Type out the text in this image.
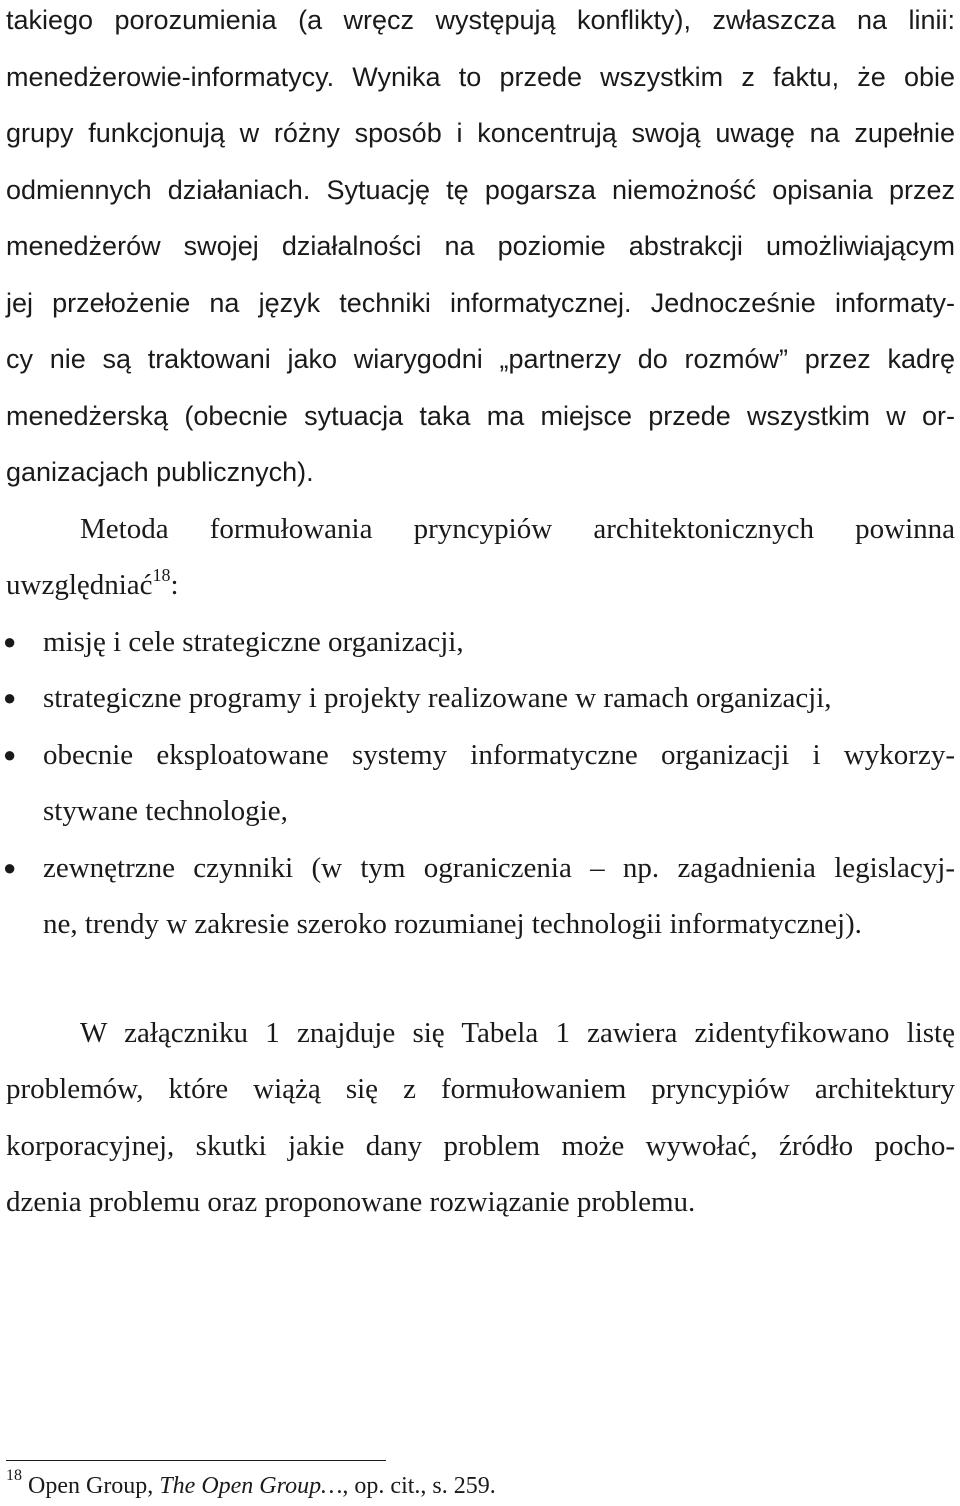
takiego porozumienia (a wręcz występują konflikty), zwłaszcza na linii:
menedżerowie-informatycy. Wynika to przede wszystkim z faktu, że obie
grupy funkcjonują w różny sposób i koncentrują swoją uwagę na zupełnie
odmiennych działaniach. Sytuację tę pogarsza niemożność opisania przez
menedżerów swojej działalności na poziomie abstrakcji umożliwiającym
jej przełożenie na język techniki informatycznej. Jednocześnie informaty-
cy nie są traktowani jako wiarygodni „partnerzy do rozmów” przez kadrę
menedżerską (obecnie sytuacja taka ma miejsce przede wszystkim w or-
ganizacjach publicznych).
Metoda formułowania pryncypiów architektonicznych powinna
uwzględniać$^{18}$:
● misję i cele strategiczne organizacji,
● strategiczne programy i projekty realizowane w ramach organizacji,
● obecnie eksploatowane systemy informatyczne organizacji i wykorzy-
stywane technologie,
● zewnętrzne czynniki (w tym ograniczenia – np. zagadnienia legislacyj-
ne, trendy w zakresie szeroko rozumianej technologii informatycznej).
W załączniku 1 znajduje się Tabela 1 zawiera zidentyfikowano listę
problemów, które wiążą się z formułowaniem pryncypiów architektury
korporacyjnej, skutki jakie dany problem może wywołać, źródło pocho-
dzenia problemu oraz proponowane rozwiązanie problemu.
$^{18}$ Open Group, The Open Group…, op. cit., s. 259.
